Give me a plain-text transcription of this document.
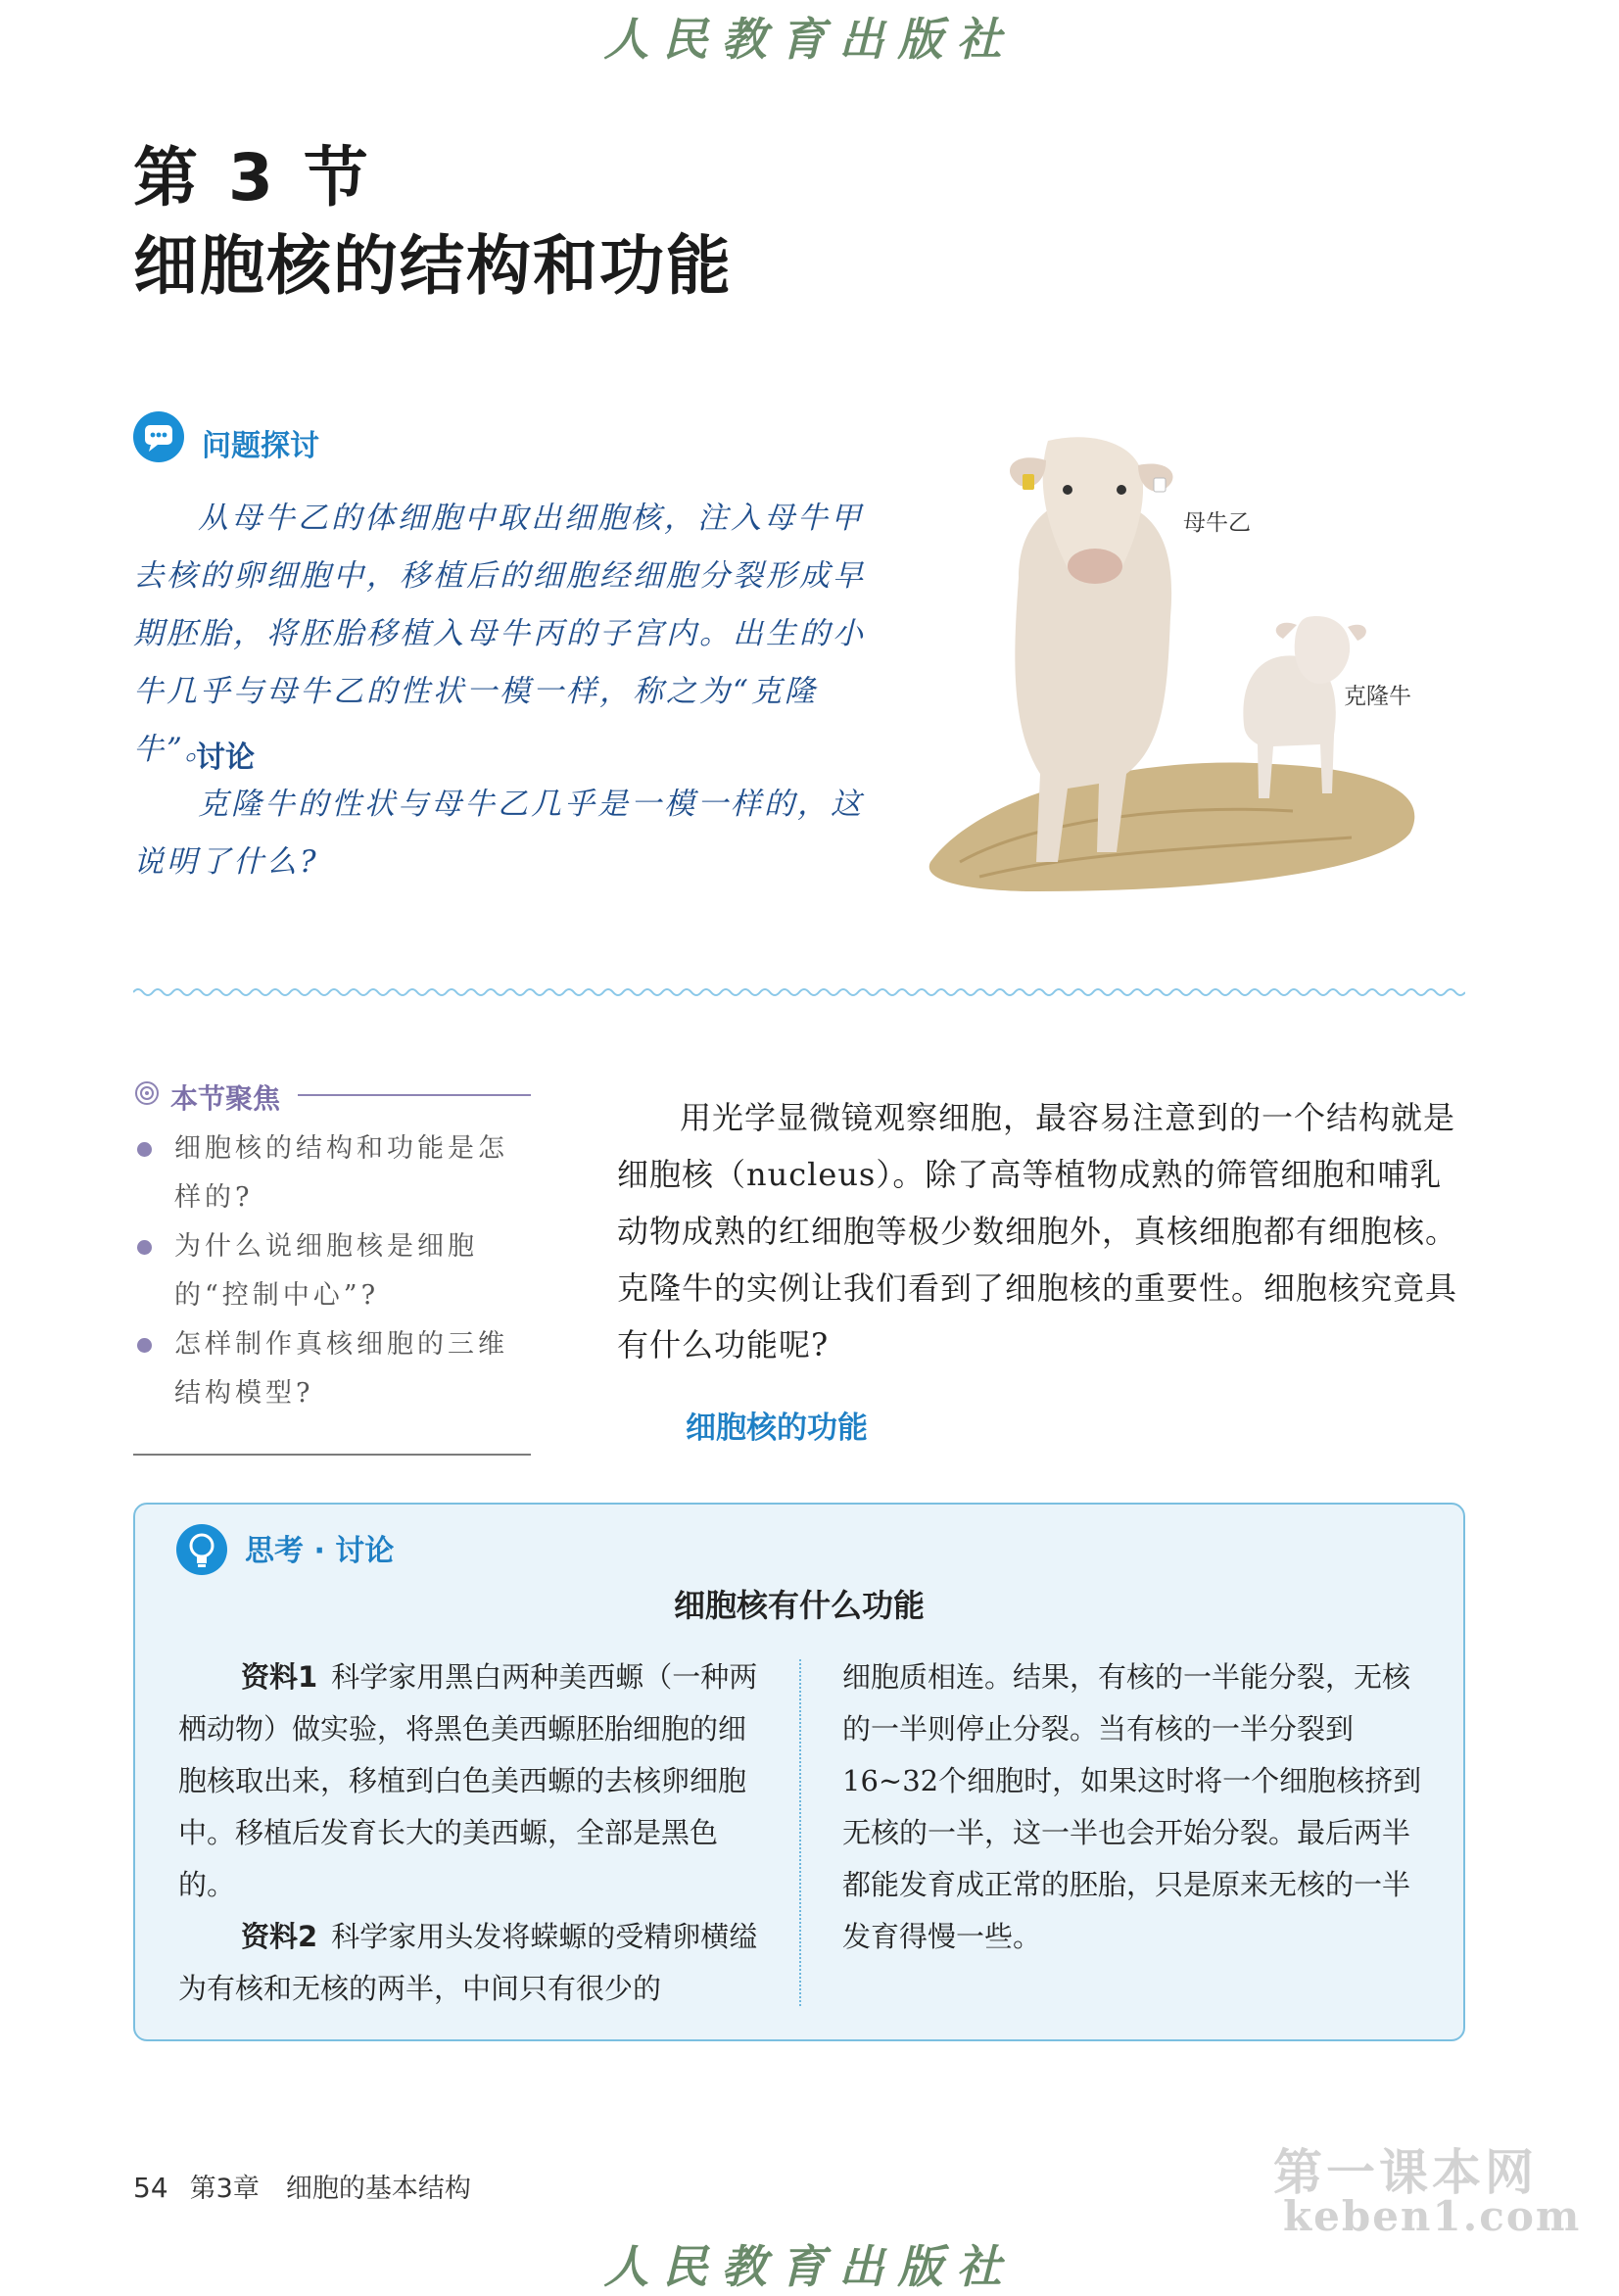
人民教育出版社
第 3 节
细胞核的结构和功能
问题探讨

从母牛乙的体细胞中取出细胞核，注入母牛甲去核的卵细胞中，移植后的细胞经细胞分裂形成早期胚胎，将胚胎移植入母牛丙的子宫内。出生的小牛几乎与母牛乙的性状一模一样，称之为“克隆牛”。

讨论

克隆牛的性状与母牛乙几乎是一模一样的，这说明了什么?

母牛乙
克隆牛
本节聚焦
细胞核的结构和功能是怎样的?
为什么说细胞核是细胞的“控制中心”?
怎样制作真核细胞的三维结构模型?

用光学显微镜观察细胞，最容易注意到的一个结构就是细胞核（nucleus）。除了高等植物成熟的筛管细胞和哺乳动物成熟的红细胞等极少数细胞外，真核细胞都有细胞核。克隆牛的实例让我们看到了细胞核的重要性。细胞核究竟具有什么功能呢?

细胞核的功能
思考 · 讨论
细胞核有什么功能

资料1 科学家用黑白两种美西螈（一种两栖动物）做实验，将黑色美西螈胚胎细胞的细胞核取出来，移植到白色美西螈的去核卵细胞中。移植后发育长大的美西螈，全部是黑色的。

资料2 科学家用头发将蝾螈的受精卵横缢为有核和无核的两半，中间只有很少的

细胞质相连。结果，有核的一半能分裂，无核的一半则停止分裂。当有核的一半分裂到16~32个细胞时，如果这时将一个细胞核挤到无核的一半，这一半也会开始分裂。最后两半都能发育成正常的胚胎，只是原来无核的一半发育得慢一些。

54 第3章　细胞的基本结构	第一课本网
keben1.com
人民教育出版社
